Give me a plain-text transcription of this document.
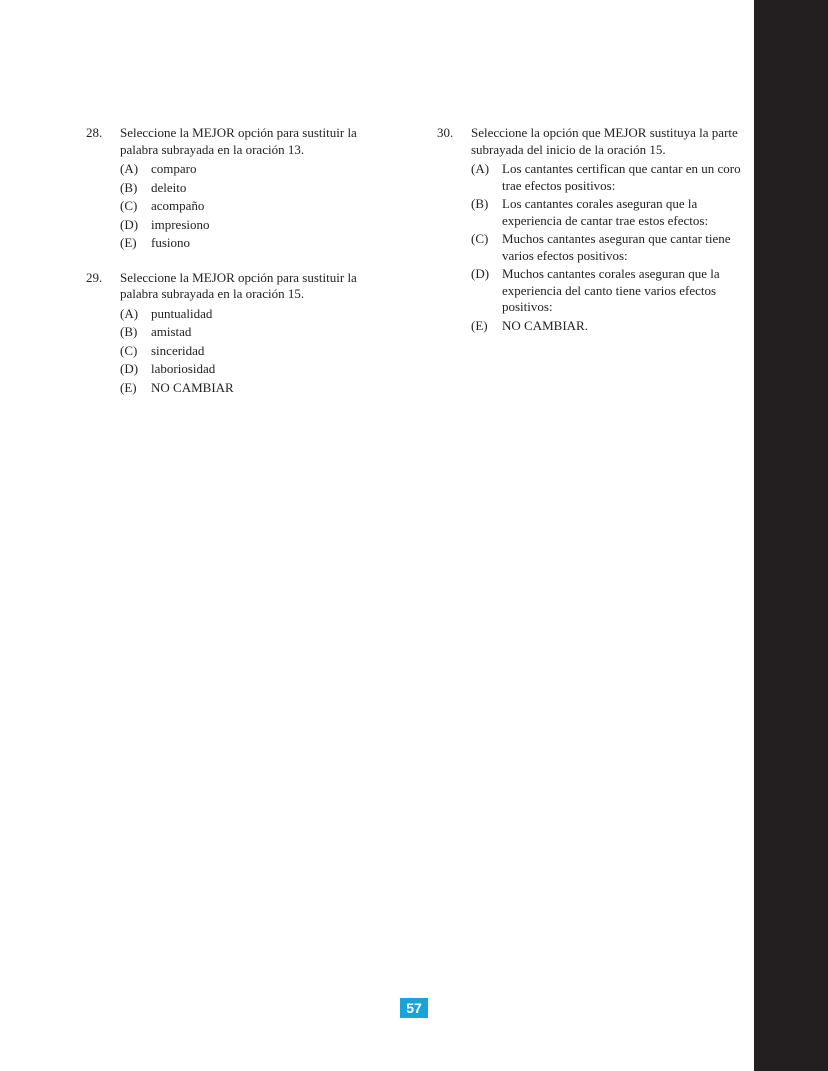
28.	Seleccione la MEJOR opción para sustituir la palabra subrayada en la oración 13.
(A) comparo
(B)	deleito
(C)	acompaño
(D) impresiono
(E)	fusiono
29.	Seleccione la MEJOR opción para sustituir la palabra subrayada en la oración 15.
(A) puntualidad
(B)	amistad
(C)	sinceridad
(D) laboriosidad
(E)	NO CAMBIAR
30.	Seleccione la opción que MEJOR sustituya la parte subrayada del inicio de la oración 15.
(A) Los cantantes certifican que cantar en un coro trae efectos positivos:
(B)	Los cantantes corales aseguran que la experiencia de cantar trae estos efectos:
(C)	Muchos cantantes aseguran que cantar tiene varios efectos positivos:
(D) Muchos cantantes corales aseguran que la experiencia del canto tiene varios efectos positivos:
(E)	NO CAMBIAR.
57
